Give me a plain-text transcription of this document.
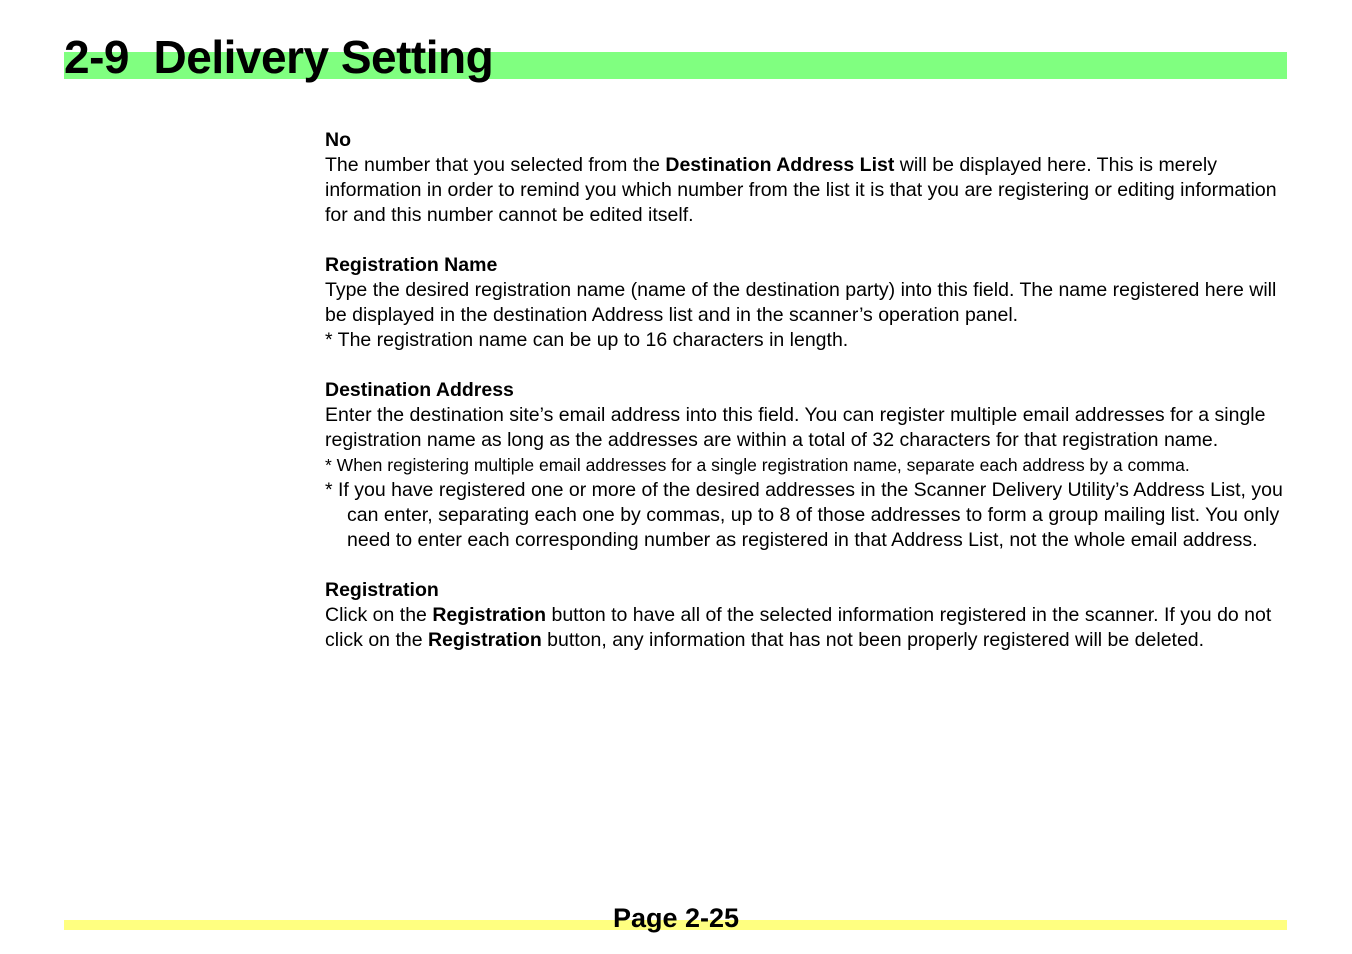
2-9  Delivery Setting
No

The number that you selected from the Destination Address List will be displayed here. This is merely information in order to remind you which number from the list it is that you are registering or editing information for and this number cannot be edited itself.

Registration Name

Type the desired registration name (name of the destination party) into this field. The name registered here will be displayed in the destination Address list and in the scanner’s operation panel.

* The registration name can be up to 16 characters in length.

Destination Address

Enter the destination site’s email address into this field. You can register multiple email addresses for a single registration name as long as the addresses are within a total of 32 characters for that registration name.

* When registering multiple email addresses for a single registration name, separate each address by a comma.

* If you have registered one or more of the desired addresses in the Scanner Delivery Utility’s Address List, you can enter, separating each one by commas, up to 8 of those addresses to form a group mailing list. You only need to enter each corresponding number as registered in that Address List, not the whole email address.

Registration

Click on the Registration button to have all of the selected information registered in the scanner. If you do not click on the Registration button, any information that has not been properly registered will be deleted.

Page 2-25
